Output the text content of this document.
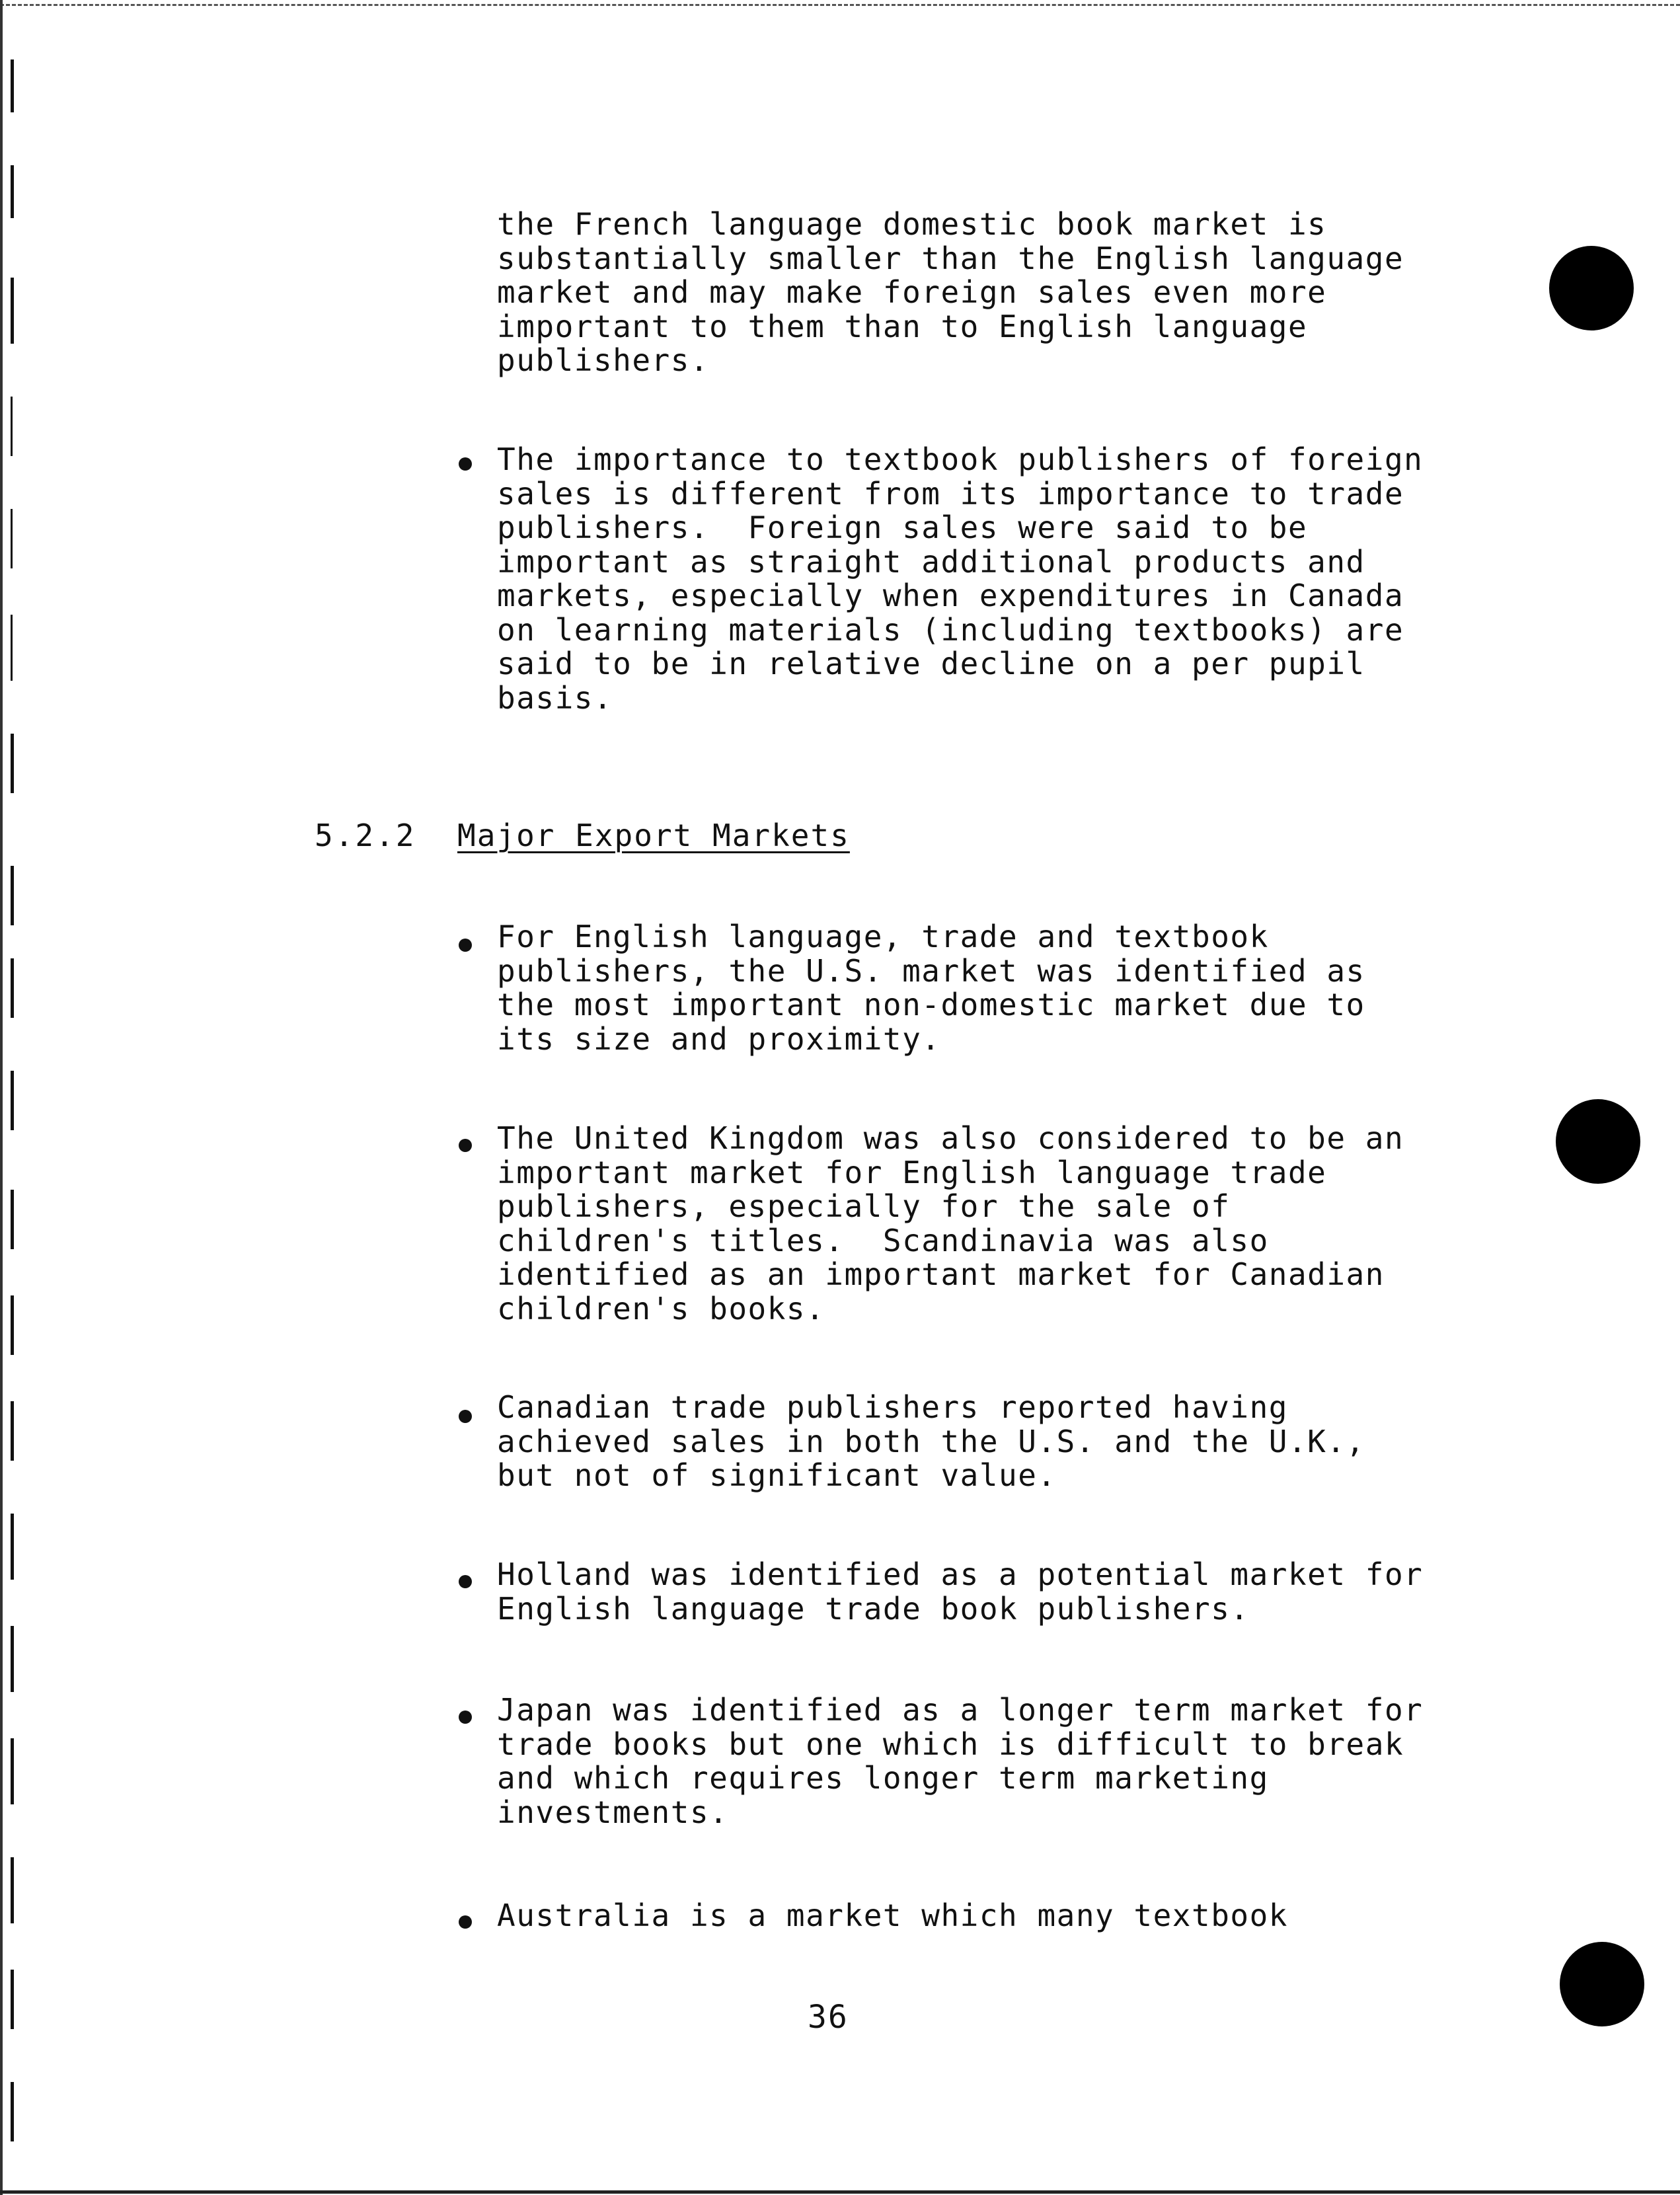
the French language domestic book market is
substantially smaller than the English language
market and may make foreign sales even more
important to them than to English language
publishers.

The importance to textbook publishers of foreign
sales is different from its importance to trade
publishers.  Foreign sales were said to be
important as straight additional products and
markets, especially when expenditures in Canada
on learning materials (including textbooks) are
said to be in relative decline on a per pupil
basis.

5.2.2 Major Export Markets

For English language, trade and textbook
publishers, the U.S. market was identified as
the most important non-domestic market due to
its size and proximity.

The United Kingdom was also considered to be an
important market for English language trade
publishers, especially for the sale of
children's titles.  Scandinavia was also
identified as an important market for Canadian
children's books.

Canadian trade publishers reported having
achieved sales in both the U.S. and the U.K.,
but not of significant value.

Holland was identified as a potential market for
English language trade book publishers.

Japan was identified as a longer term market for
trade books but one which is difficult to break
and which requires longer term marketing
investments.

Australia is a market which many textbook

36
